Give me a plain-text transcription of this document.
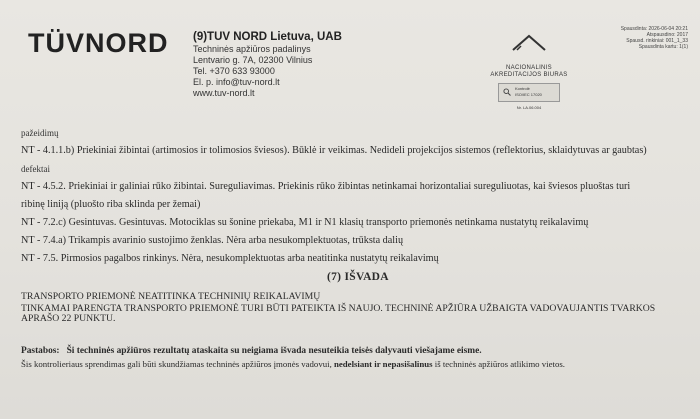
TÜVNORD (9)TUV NORD Lietuva, UAB
Techninės apžiūros padalinys
Lentvario g. 7A, 02300 Vilnius
Tel. +370 633 93000
El. p. info@tuv-nord.lt
www.tuv-nord.lt
NACIONALINIS
AKREDITACIJOS BIURAS
Kontrolė
ISO/IEC 17020
Nr. LA.06.004
Spausdinta: 2026-06-04 20:21
Atspausdino: 2017
Spausd. rinkiniai: 001_1_33
Spausdinta kartu: 1(1)
pažeidimų
NT - 4.1.1.b) Priekiniai žibintai (artimosios ir tolimosios šviesos). Būklė ir veikimas. Nedideli projekcijos sistemos (reflektorius, sklaidytuvas ar gaubtas)
defektai
NT - 4.5.2. Priekiniai ir galiniai rūko žibintai. Sureguliavimas. Priekinis rūko žibintas netinkamai horizontaliai sureguliuotas, kai šviesos pluoštas turi
ribinę liniją (pluošto riba sklinda per žemai)
NT - 7.2.c) Gesintuvas. Gesintuvas. Motociklas su šonine priekaba, M1 ir N1 klasių transporto priemonės netinkama nustatytų reikalavimų
NT - 7.4.a) Trikampis avarinio sustojimo ženklas. Nėra arba nesukomplektuotas, trūksta dalių
NT - 7.5. Pirmosios pagalbos rinkinys. Nėra, nesukomplektuotas arba neatitinka nustatytų reikalavimų
(7) IŠVADA
TRANSPORTO PRIEMONĖ NEATITINKA TECHNINIŲ REIKALAVIMŲ
TINKAMAI PARENGTA TRANSPORTO PRIEMONĖ TURI BŪTI PATEIKTA IŠ NAUJO. TECHNINĖ APŽIŪRA UŽBAIGTA VADOVAUJANTIS TVARKOS
APRAŠO 22 PUNKTU.
Pastabos: Ši techninės apžiūros rezultatų ataskaita su neigiama išvada nesuteikia teisės dalyvauti viešajame eisme.
Šis kontrolieriaus sprendimas gali būti skundžiamas techninės apžiūros įmonės vadovui, nedelsiant ir nepasišalinus iš techninės apžiūros atlikimo vietos.
